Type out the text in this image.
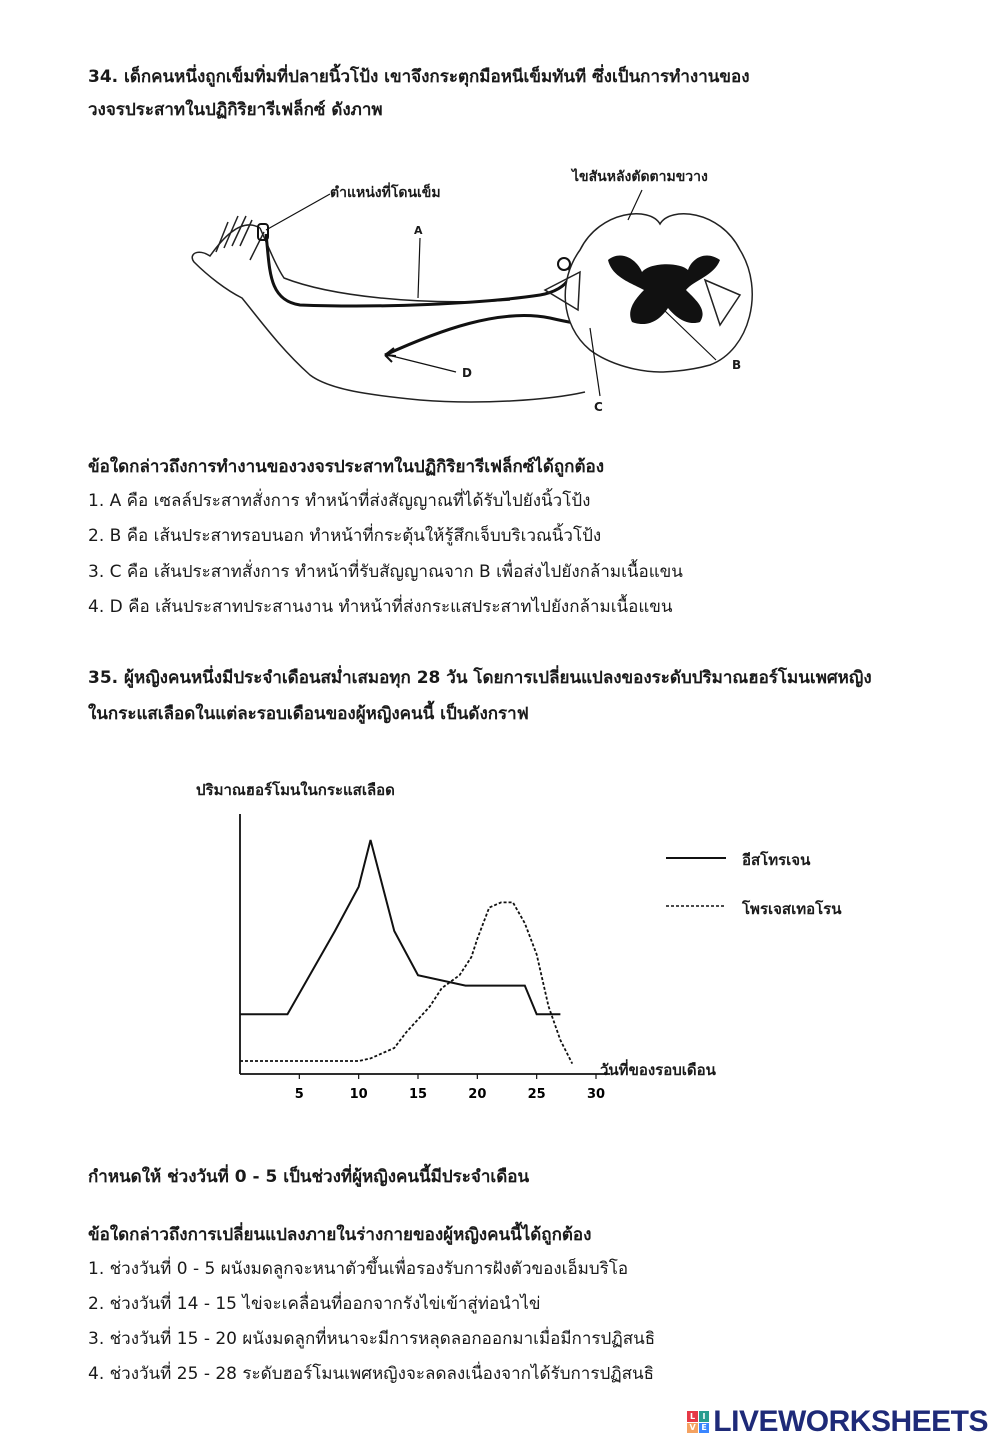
34. เด็กคนหนึ่งถูกเข็มทิ่มที่ปลายนิ้วโป้ง เขาจึงกระตุกมือหนีเข็มทันที ซึ่งเป็นการทำงานของ
วงจรประสาทในปฏิกิริยารีเฟล็กซ์ ดังภาพ
ตำแหน่งที่โดนเข็ม
ไขสันหลังตัดตามขวาง
A
B
C
D
ข้อใดกล่าวถึงการทำงานของวงจรประสาทในปฏิกิริยารีเฟล็กซ์ได้ถูกต้อง
1. A คือ เซลล์ประสาทสั่งการ ทำหน้าที่ส่งสัญญาณที่ได้รับไปยังนิ้วโป้ง
2. B คือ เส้นประสาทรอบนอก ทำหน้าที่กระตุ้นให้รู้สึกเจ็บบริเวณนิ้วโป้ง
3. C คือ เส้นประสาทสั่งการ ทำหน้าที่รับสัญญาณจาก B เพื่อส่งไปยังกล้ามเนื้อแขน
4. D คือ เส้นประสาทประสานงาน ทำหน้าที่ส่งกระแสประสาทไปยังกล้ามเนื้อแขน
35. ผู้หญิงคนหนึ่งมีประจำเดือนสม่ำเสมอทุก 28 วัน โดยการเปลี่ยนแปลงของระดับปริมาณฮอร์โมนเพศหญิง
ในกระแสเลือดในแต่ละรอบเดือนของผู้หญิงคนนี้ เป็นดังกราฟ
ปริมาณฮอร์โมนในกระแสเลือด
วันที่ของรอบเดือน
5	10	15	20	25	30
อีสโทรเจน
โพรเจสเทอโรน
กำหนดให้ ช่วงวันที่ 0 - 5 เป็นช่วงที่ผู้หญิงคนนี้มีประจำเดือน
ข้อใดกล่าวถึงการเปลี่ยนแปลงภายในร่างกายของผู้หญิงคนนี้ได้ถูกต้อง
1. ช่วงวันที่ 0 - 5 ผนังมดลูกจะหนาตัวขึ้นเพื่อรองรับการฝังตัวของเอ็มบริโอ
2. ช่วงวันที่ 14 - 15 ไข่จะเคลื่อนที่ออกจากรังไข่เข้าสู่ท่อนำไข่
3. ช่วงวันที่ 15 - 20 ผนังมดลูกที่หนาจะมีการหลุดลอกออกมาเมื่อมีการปฏิสนธิ
4. ช่วงวันที่ 25 - 28 ระดับฮอร์โมนเพศหญิงจะลดลงเนื่องจากได้รับการปฏิสนธิ
L I
V E LIVEWORKSHEETS
